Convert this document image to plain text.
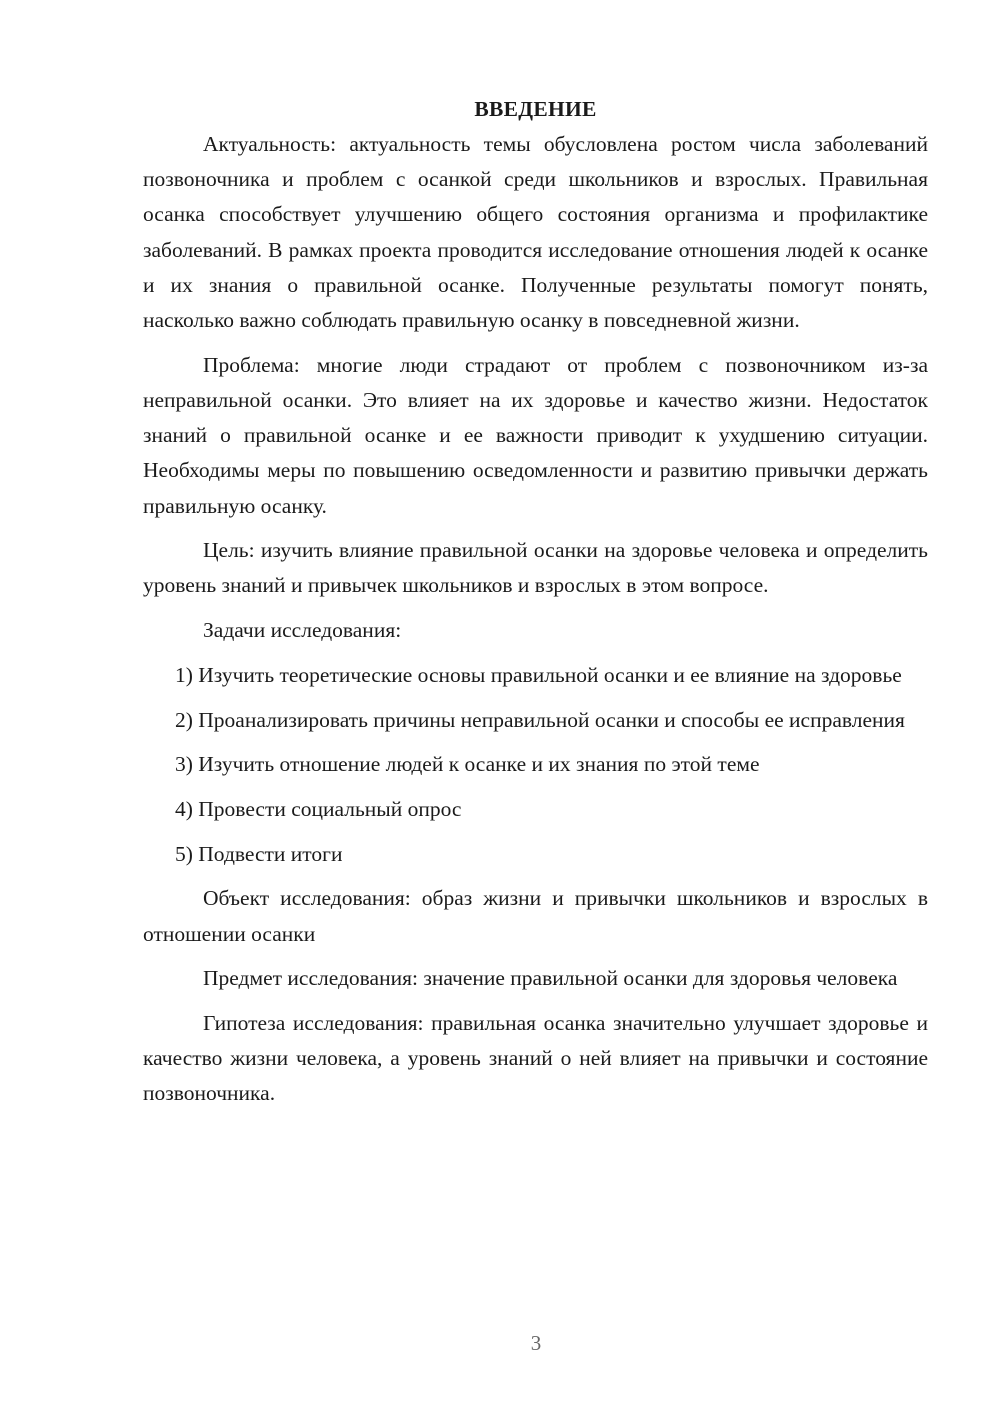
ВВЕДЕНИЕ

Актуальность: актуальность темы обусловлена ростом числа заболеваний позвоночника и проблем с осанкой среди школьников и взрослых. Правильная осанка способствует улучшению общего состояния организма и профилактике заболеваний. В рамках проекта проводится исследование отношения людей к осанке и их знания о правильной осанке. Полученные результаты помогут понять, насколько важно соблюдать правильную осанку в повседневной жизни.

Проблема: многие люди страдают от проблем с позвоночником из-за неправильной осанки. Это влияет на их здоровье и качество жизни. Недостаток знаний о правильной осанке и ее важности приводит к ухудшению ситуации. Необходимы меры по повышению осведомленности и развитию привычки держать правильную осанку.

Цель: изучить влияние правильной осанки на здоровье человека и определить уровень знаний и привычек школьников и взрослых в этом вопросе.

Задачи исследования:

1) Изучить теоретические основы правильной осанки и ее влияние на здоровье

2) Проанализировать причины неправильной осанки и способы ее исправления

3) Изучить отношение людей к осанке и их знания по этой теме

4) Провести социальный опрос

5) Подвести итоги

Объект исследования: образ жизни и привычки школьников и взрослых в отношении осанки

Предмет исследования: значение правильной осанки для здоровья человека

Гипотеза исследования: правильная осанка значительно улучшает здоровье и качество жизни человека, а уровень знаний о ней влияет на привычки и состояние позвоночника.

3
